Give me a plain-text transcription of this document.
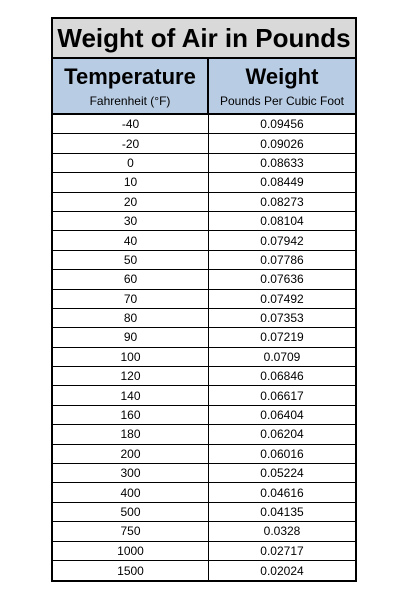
Weight of Air in Pounds
Temperature
Fahrenheit (°F)
Weight
Pounds Per Cubic Foot
-40	0.09456
-20	0.09026
0	0.08633
10	0.08449
20	0.08273
30	0.08104
40	0.07942
50	0.07786
60	0.07636
70	0.07492
80	0.07353
90	0.07219
100	0.0709
120	0.06846
140	0.06617
160	0.06404
180	0.06204
200	0.06016
300	0.05224
400	0.04616
500	0.04135
750	0.0328
1000	0.02717
1500	0.02024
